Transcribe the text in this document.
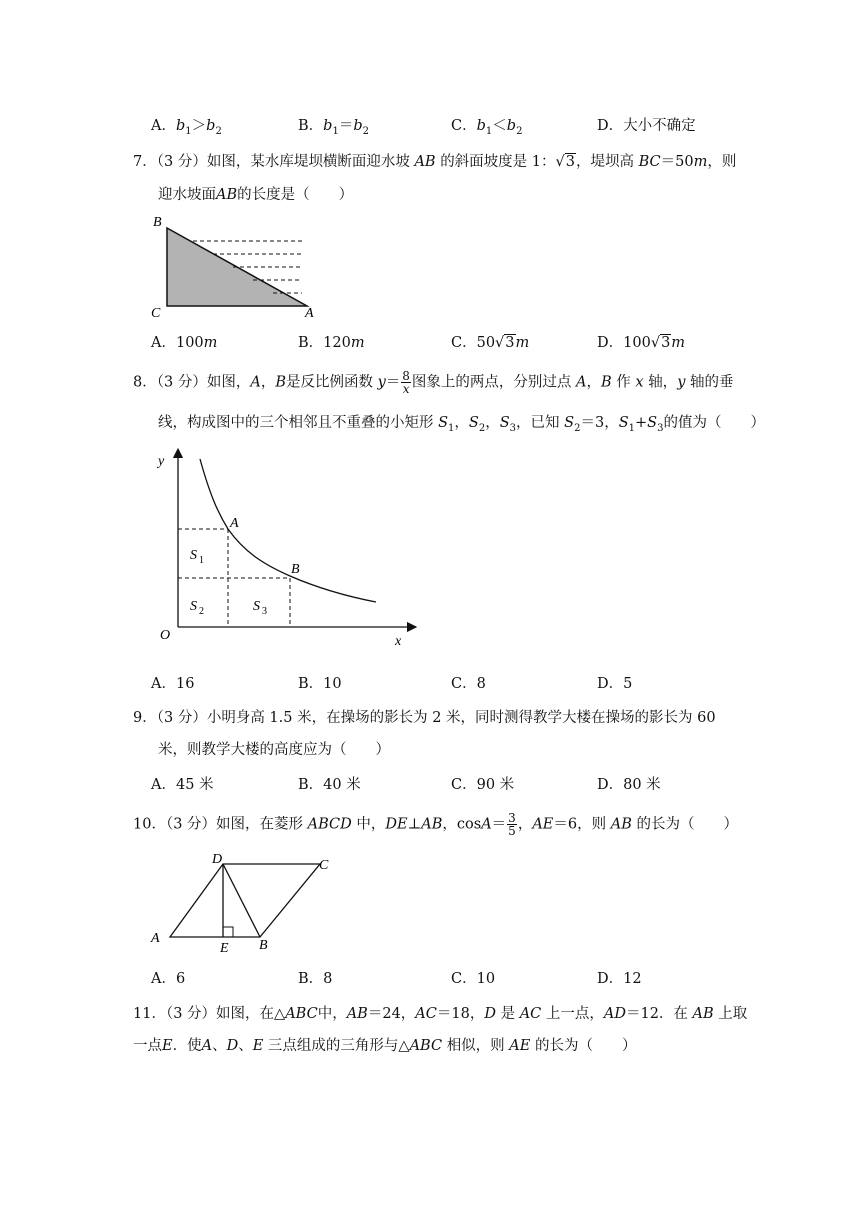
A．$b_1>b_2$	B．$b_1=b_2$	C．$b_1<b_2$	D．大小不确定
7．（3 分）如图，某水库堤坝横断面迎水坡 AB 的斜面坡度是 1：√3，堤坝高 BC＝50m，则
迎水坡面AB的长度是（　　）
B
C	A
A．100m	B．120m	C．50√3m	D．100√3m
8．（3 分）如图，A，B是反比例函数 $y= \frac{8}{x}$ 图象上的两点，分别过点 A，B 作 x 轴，y 轴的垂
线，构成图中的三个相邻且不重叠的小矩形 $S_1$，$S_2$，$S_3$，已知 $S_2=3$，$S_1+S_3$的值为（　　）
y
x
O
A
B
S 1
S 2	S 3
A．16	B．10	C．8	D．5
9．（3 分）小明身高 1.5 米，在操场的影长为 2 米，同时测得教学大楼在操场的影长为 60
米，则教学大楼的高度应为（　　）
A．45 米	B．40 米	C．90 米	D．80 米
10．（3 分）如图，在菱形 ABCD 中，DE⊥AB，$\cos A= \frac{3}{5}$ ，AE＝6，则 AB 的长为（　　）
D	C
A
E B
A．6	B．8	C．10	D．12
11．（3 分）如图，在△ABC中，AB＝24，AC＝18，D 是 AC 上一点，AD＝12．在 AB 上取
一点E．使A、D、E 三点组成的三角形与△ABC 相似，则 AE 的长为（　　）
